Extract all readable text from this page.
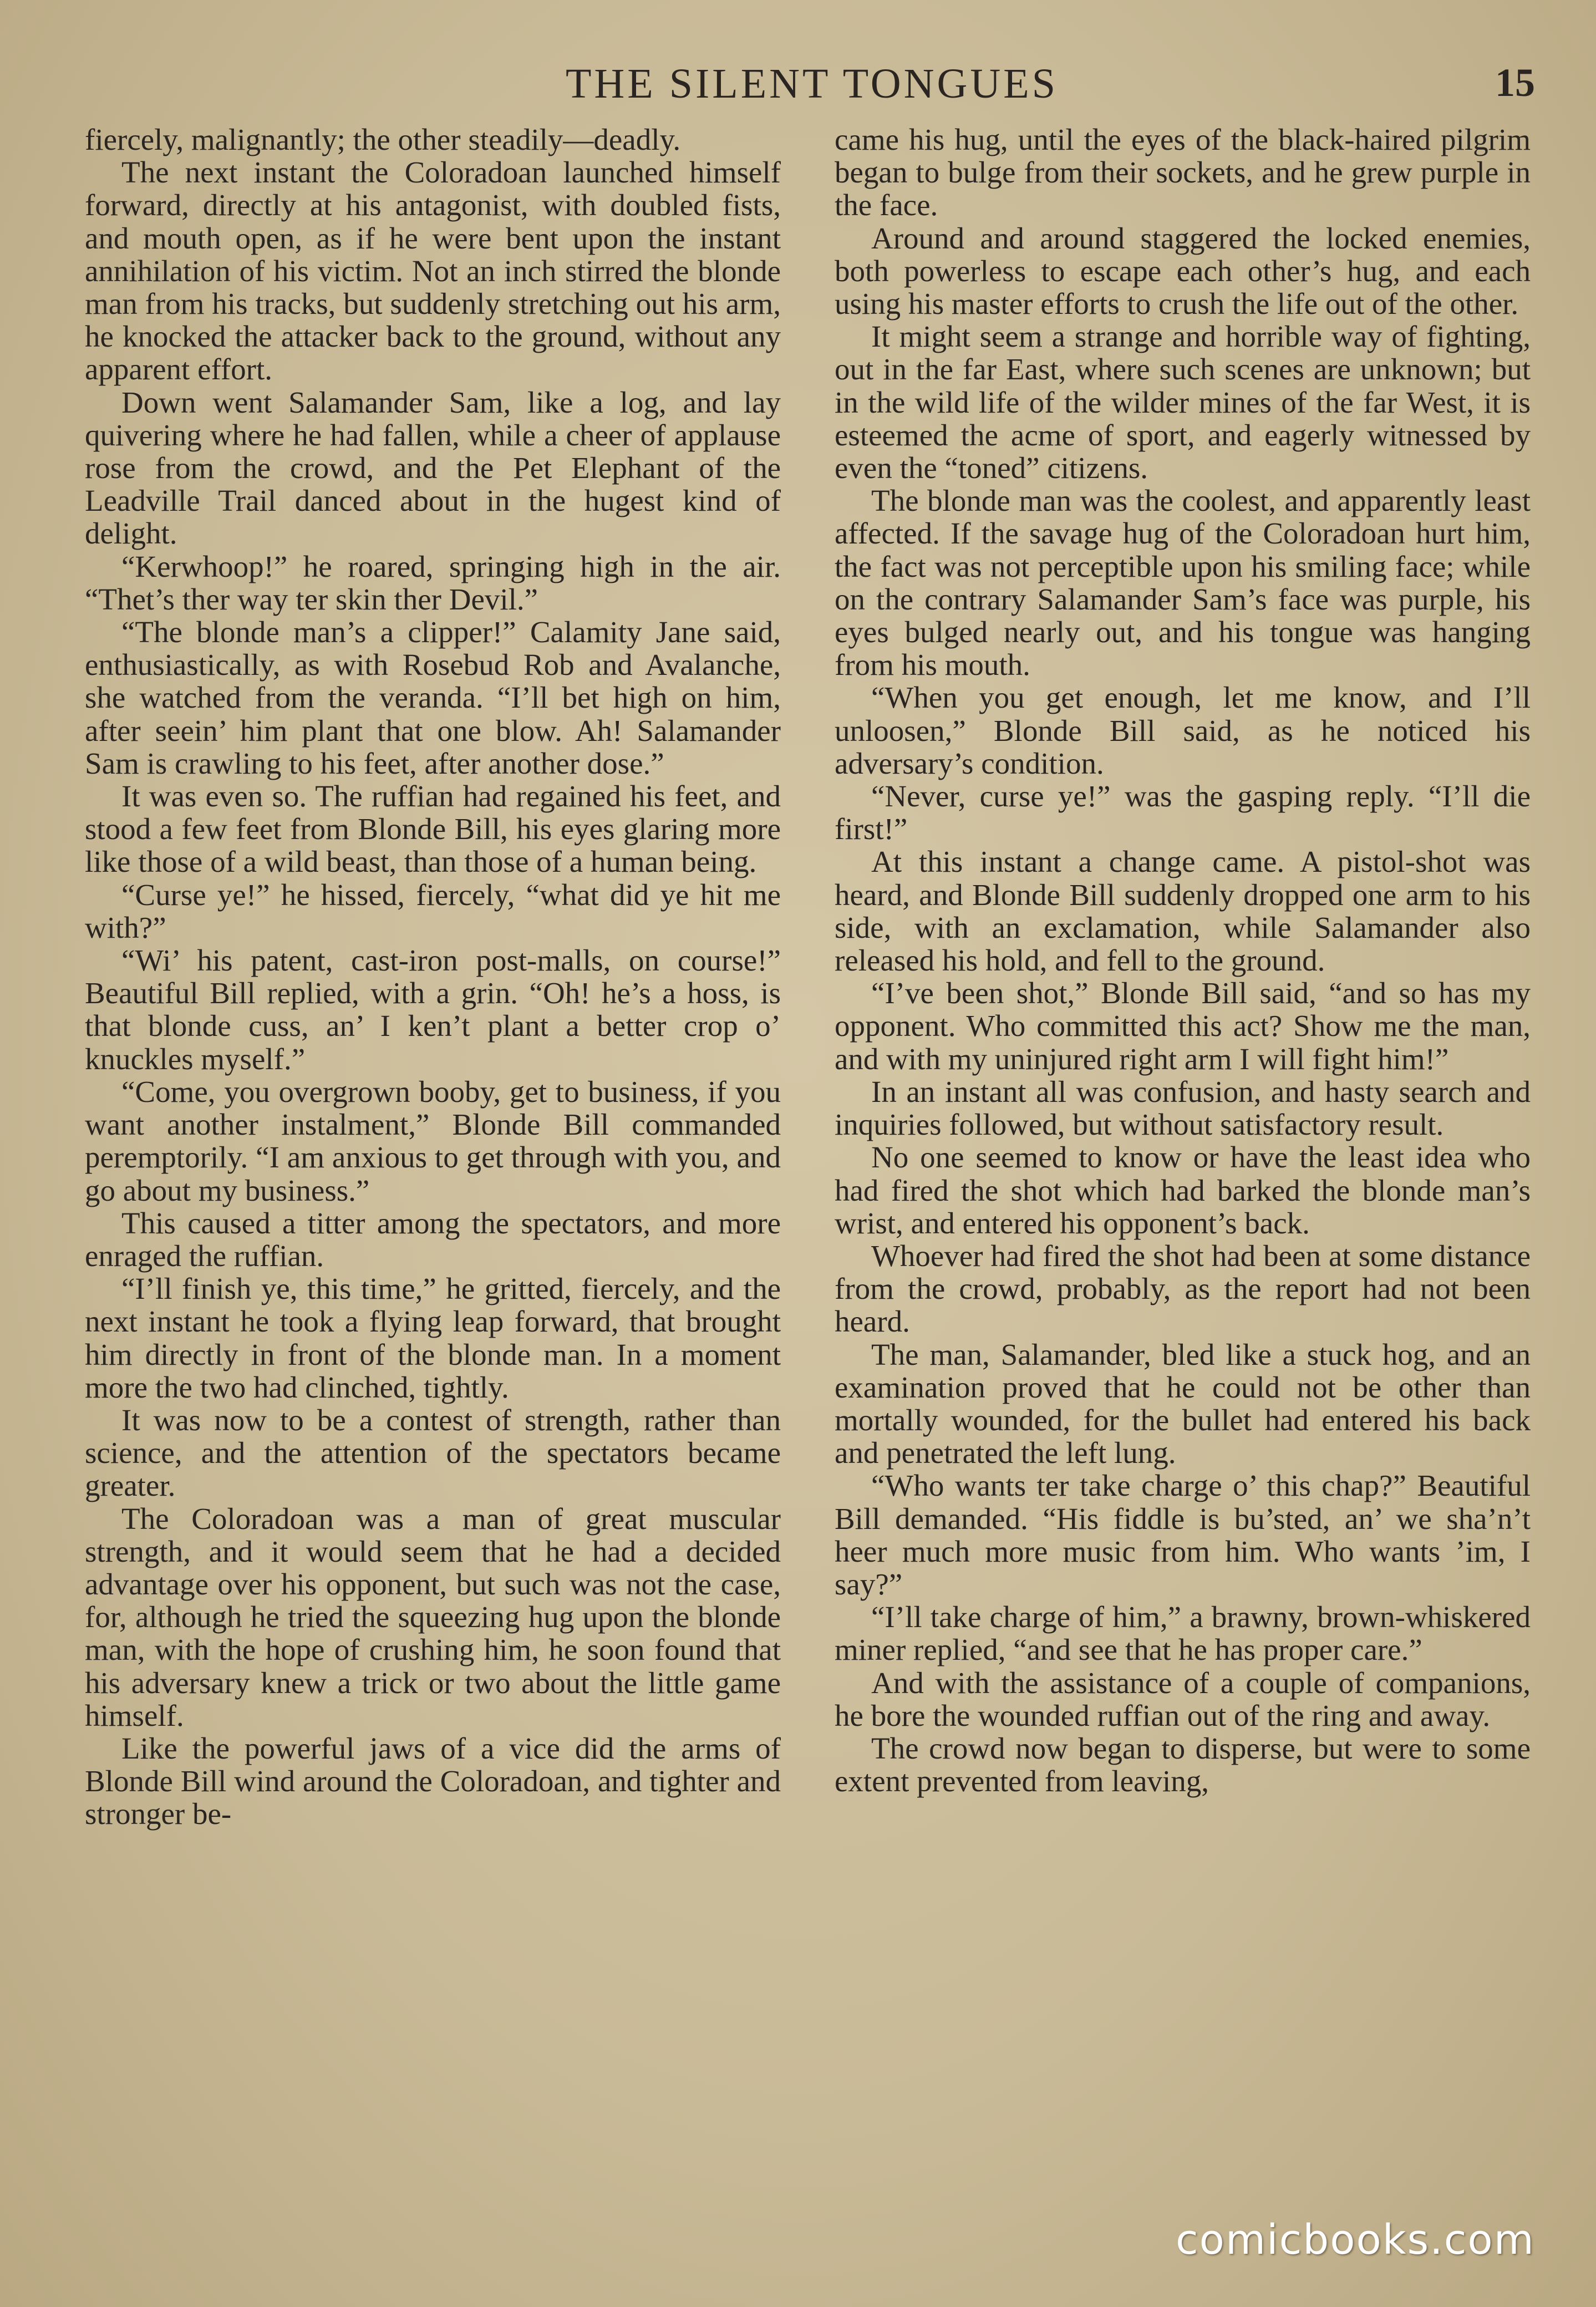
THE SILENT TONGUES	15

fiercely, malignantly; the other steadily—deadly.

The next instant the Coloradoan launched himself forward, directly at his antagonist, with doubled fists, and mouth open, as if he were bent upon the instant annihilation of his victim. Not an inch stirred the blonde man from his tracks, but suddenly stretching out his arm, he knocked the attacker back to the ground, without any apparent effort.

Down went Salamander Sam, like a log, and lay quivering where he had fallen, while a cheer of applause rose from the crowd, and the Pet Elephant of the Leadville Trail danced about in the hugest kind of delight.

“Kerwhoop!” he roared, springing high in the air. “Thet’s ther way ter skin ther Devil.”

“The blonde man’s a clipper!” Calamity Jane said, enthusiastically, as with Rosebud Rob and Avalanche, she watched from the veranda. “I’ll bet high on him, after seein’ him plant that one blow. Ah! Salamander Sam is crawling to his feet, after another dose.”

It was even so. The ruffian had regained his feet, and stood a few feet from Blonde Bill, his eyes glaring more like those of a wild beast, than those of a human being.

“Curse ye!” he hissed, fiercely, “what did ye hit me with?”

“Wi’ his patent, cast-iron post-malls, on course!” Beautiful Bill replied, with a grin. “Oh! he’s a hoss, is that blonde cuss, an’ I ken’t plant a better crop o’ knuckles myself.”

“Come, you overgrown booby, get to business, if you want another instalment,” Blonde Bill commanded peremptorily. “I am anxious to get through with you, and go about my business.”

This caused a titter among the spectators, and more enraged the ruffian.

“I’ll finish ye, this time,” he gritted, fiercely, and the next instant he took a flying leap forward, that brought him directly in front of the blonde man. In a moment more the two had clinched, tightly.

It was now to be a contest of strength, rather than science, and the attention of the spectators became greater.

The Coloradoan was a man of great muscular strength, and it would seem that he had a decided advantage over his opponent, but such was not the case, for, although he tried the squeezing hug upon the blonde man, with the hope of crushing him, he soon found that his adversary knew a trick or two about the little game himself.

Like the powerful jaws of a vice did the arms of Blonde Bill wind around the Coloradoan, and tighter and stronger be-

came his hug, until the eyes of the black-haired pilgrim began to bulge from their sockets, and he grew purple in the face.

Around and around staggered the locked enemies, both powerless to escape each other’s hug, and each using his master efforts to crush the life out of the other.

It might seem a strange and horrible way of fighting, out in the far East, where such scenes are unknown; but in the wild life of the wilder mines of the far West, it is esteemed the acme of sport, and eagerly witnessed by even the “toned” citizens.

The blonde man was the coolest, and apparently least affected. If the savage hug of the Coloradoan hurt him, the fact was not perceptible upon his smiling face; while on the contrary Salamander Sam’s face was purple, his eyes bulged nearly out, and his tongue was hanging from his mouth.

“When you get enough, let me know, and I’ll unloosen,” Blonde Bill said, as he noticed his adversary’s condition.

“Never, curse ye!” was the gasping reply. “I’ll die first!”

At this instant a change came. A pistol-shot was heard, and Blonde Bill suddenly dropped one arm to his side, with an exclamation, while Salamander also released his hold, and fell to the ground.

“I’ve been shot,” Blonde Bill said, “and so has my opponent. Who committed this act? Show me the man, and with my uninjured right arm I will fight him!”

In an instant all was confusion, and hasty search and inquiries followed, but without satisfactory result.

No one seemed to know or have the least idea who had fired the shot which had barked the blonde man’s wrist, and entered his opponent’s back.

Whoever had fired the shot had been at some distance from the crowd, probably, as the report had not been heard.

The man, Salamander, bled like a stuck hog, and an examination proved that he could not be other than mortally wounded, for the bullet had entered his back and penetrated the left lung.

“Who wants ter take charge o’ this chap?” Beautiful Bill demanded. “His fiddle is bu’sted, an’ we sha’n’t heer much more music from him. Who wants ’im, I say?”

“I’ll take charge of him,” a brawny, brown-whiskered miner replied, “and see that he has proper care.”

And with the assistance of a couple of companions, he bore the wounded ruffian out of the ring and away.

The crowd now began to disperse, but were to some extent prevented from leaving,

comicbooks.com
